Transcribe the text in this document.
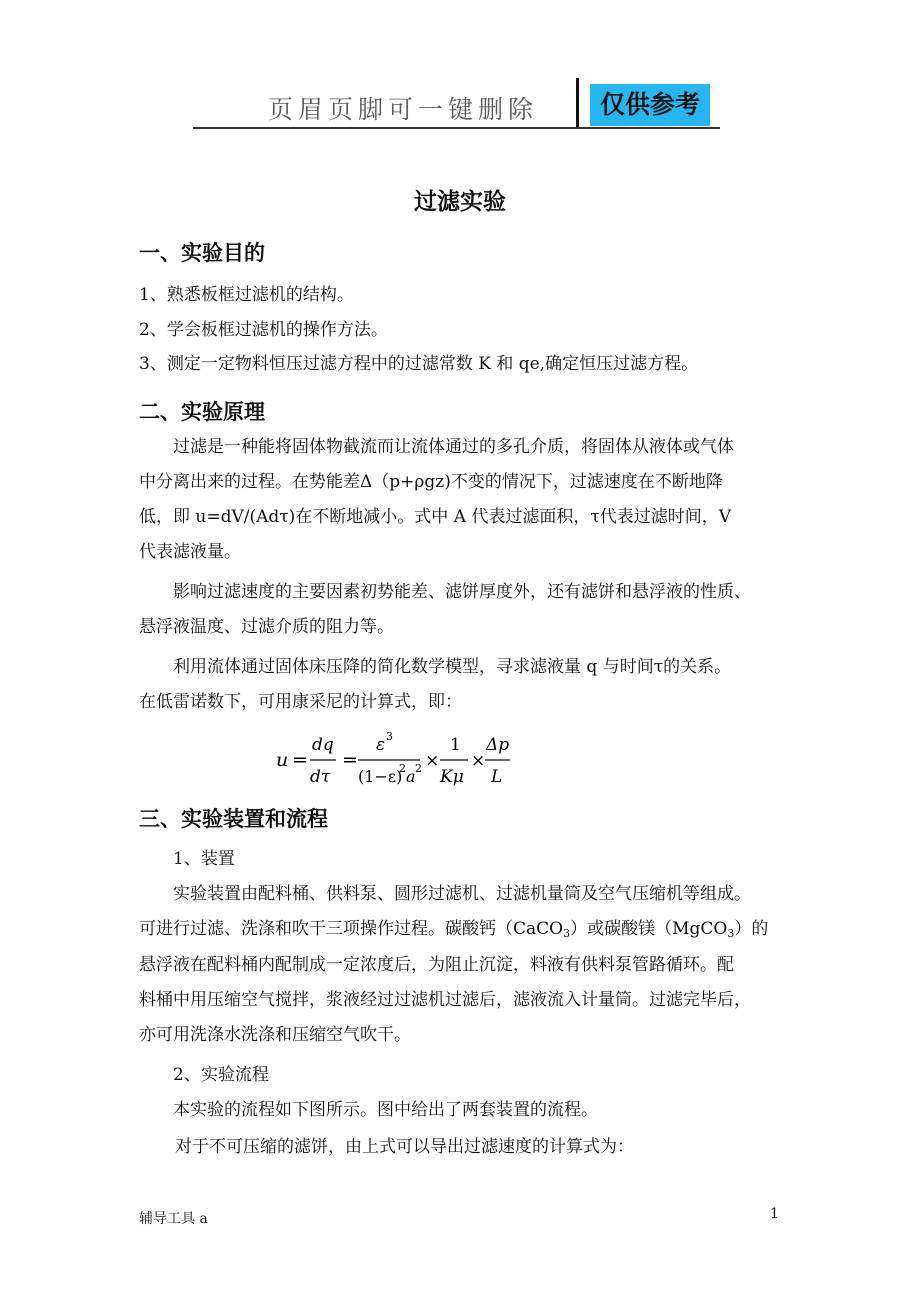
页眉页脚可一键删除	仅供参考
过滤实验
一、实验目的
1、熟悉板框过滤机的结构。
2、学会板框过滤机的操作方法。
3、测定一定物料恒压过滤方程中的过滤常数 K 和 qe,确定恒压过滤方程。
二、实验原理
过滤是一种能将固体物截流而让流体通过的多孔介质，将固体从液体或气体
中分离出来的过程。在势能差Δ（p+ρgz)不变的情况下，过滤速度在不断地降
低，即 u=dV/(Adτ)在不断地减小。式中 A 代表过滤面积，τ代表过滤时间，V
代表滤液量。
影响过滤速度的主要因素初势能差、滤饼厚度外，还有滤饼和悬浮液的性质、
悬浮液温度、过滤介质的阻力等。
利用流体通过固体床压降的简化数学模型，寻求滤液量 q 与时间τ的关系。
在低雷诺数下，可用康采尼的计算式，即：
u =
dq
dτ
=
ε 3
(1−ε)
2 a 2 ×
1
Kμ
×
Δp
L
三、实验装置和流程
1、装置
实验装置由配料桶、供料泵、圆形过滤机、过滤机量筒及空气压缩机等组成。
可进行过滤、洗涤和吹干三项操作过程。碳酸钙（CaCO$_3$）或碳酸镁（MgCO$_3$）的
悬浮液在配料桶内配制成一定浓度后，为阻止沉淀，料液有供料泵管路循环。配
料桶中用压缩空气搅拌，浆液经过过滤机过滤后，滤液流入计量筒。过滤完毕后，
亦可用洗涤水洗涤和压缩空气吹干。
2、实验流程
本实验的流程如下图所示。图中给出了两套装置的流程。
对于不可压缩的滤饼，由上式可以导出过滤速度的计算式为：
辅导工具 a	1
